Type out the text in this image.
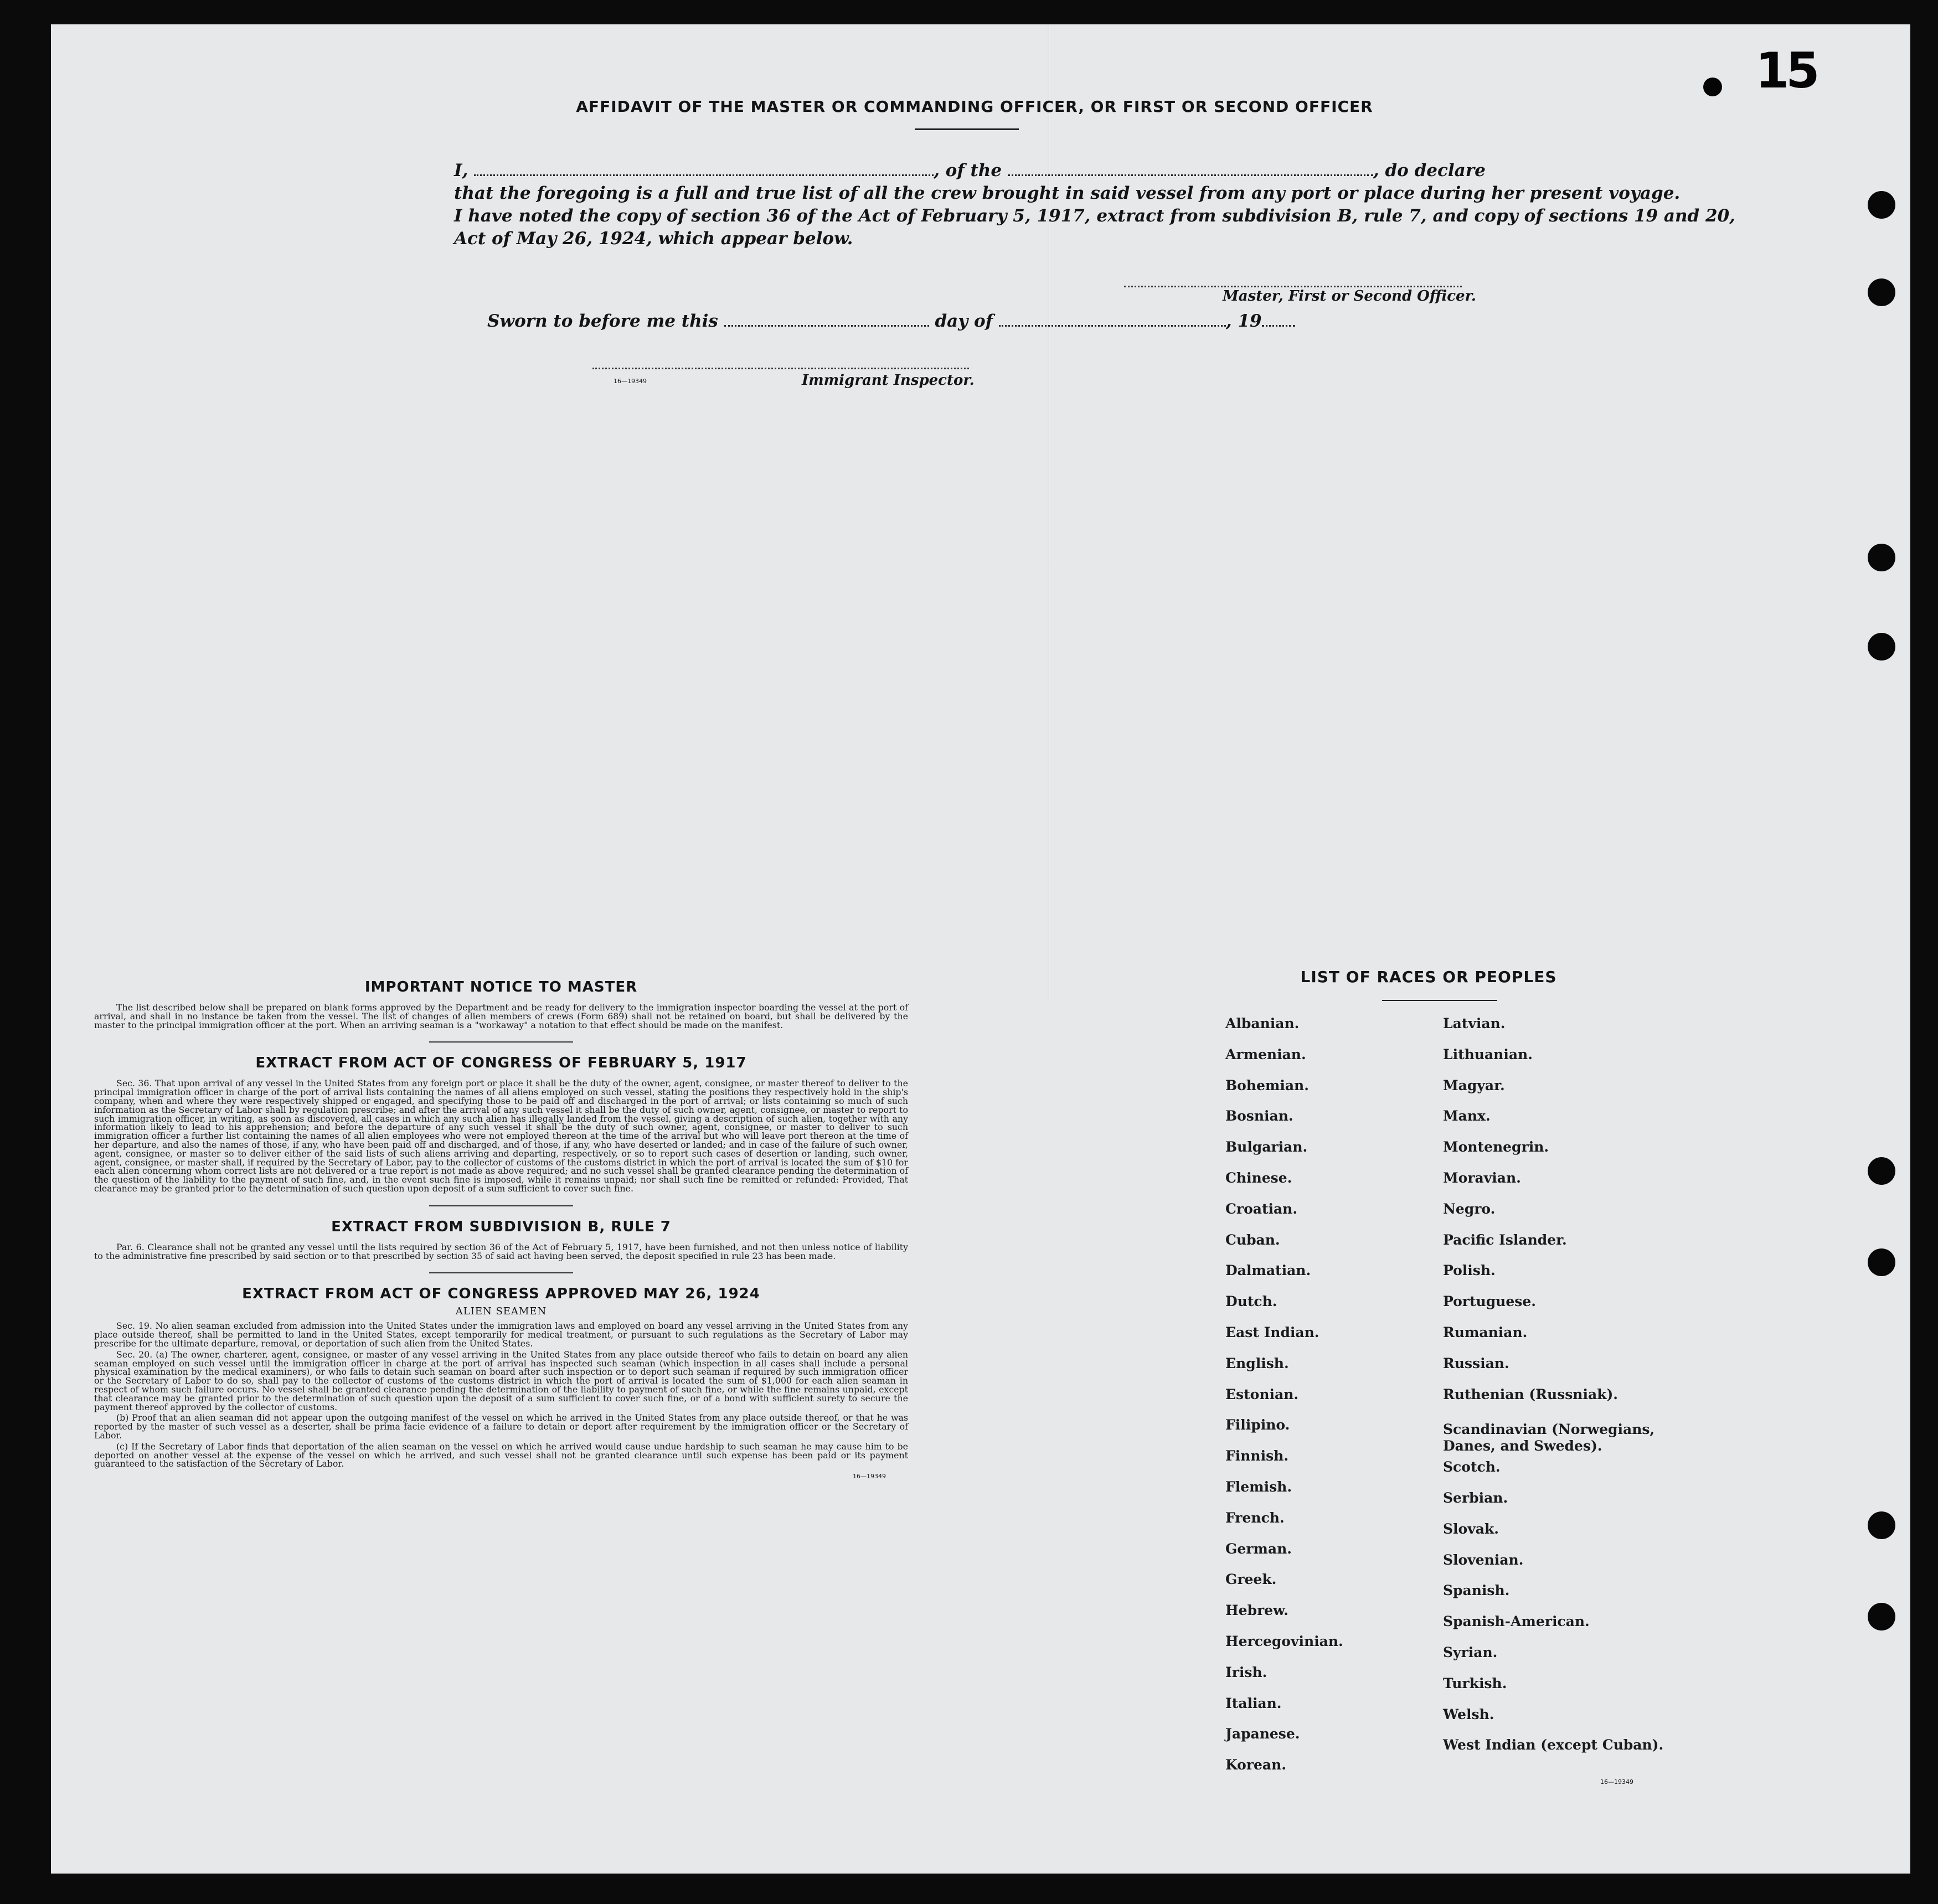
15
AFFIDAVIT OF THE MASTER OR COMMANDING OFFICER, OR FIRST OR SECOND OFFICER
I,	, of the	, do declare
that the foregoing is a full and true list of all the crew brought in said vessel from any port or place during her present voyage.
I have noted the copy of section 36 of the Act of February 5, 1917, extract from subdivision B, rule 7, and copy of sections 19 and 20,
Act of May 26, 1924, which appear below.
Master, First or Second Officer.
Sworn to before me this	day of	, 19
16—19349	Immigrant Inspector.
IMPORTANT NOTICE TO MASTER

The list described below shall be prepared on blank forms approved by the Department and be ready for delivery to the immigration inspector boarding the vessel at the port of arrival, and shall in no instance be taken from the vessel. The list of changes of alien members of crews (Form 689) shall not be retained on board, but shall be delivered by the master to the principal immigration officer at the port. When an arriving seaman is a "workaway" a notation to that effect should be made on the manifest.

EXTRACT FROM ACT OF CONGRESS OF FEBRUARY 5, 1917

Sec. 36. That upon arrival of any vessel in the United States from any foreign port or place it shall be the duty of the owner, agent, consignee, or master thereof to deliver to the principal immigration officer in charge of the port of arrival lists containing the names of all aliens employed on such vessel, stating the positions they respectively hold in the ship's company, when and where they were respectively shipped or engaged, and specifying those to be paid off and discharged in the port of arrival; or lists containing so much of such information as the Secretary of Labor shall by regulation prescribe; and after the arrival of any such vessel it shall be the duty of such owner, agent, consignee, or master to report to such immigration officer, in writing, as soon as discovered, all cases in which any such alien has illegally landed from the vessel, giving a description of such alien, together with any information likely to lead to his apprehension; and before the departure of any such vessel it shall be the duty of such owner, agent, consignee, or master to deliver to such immigration officer a further list containing the names of all alien employees who were not employed thereon at the time of the arrival but who will leave port thereon at the time of her departure, and also the names of those, if any, who have been paid off and discharged, and of those, if any, who have deserted or landed; and in case of the failure of such owner, agent, consignee, or master so to deliver either of the said lists of such aliens arriving and departing, respectively, or so to report such cases of desertion or landing, such owner, agent, consignee, or master shall, if required by the Secretary of Labor, pay to the collector of customs of the customs district in which the port of arrival is located the sum of $10 for each alien concerning whom correct lists are not delivered or a true report is not made as above required; and no such vessel shall be granted clearance pending the determination of the question of the liability to the payment of such fine, and, in the event such fine is imposed, while it remains unpaid; nor shall such fine be remitted or refunded: Provided, That clearance may be granted prior to the determination of such question upon deposit of a sum sufficient to cover such fine.

EXTRACT FROM SUBDIVISION B, RULE 7

Par. 6. Clearance shall not be granted any vessel until the lists required by section 36 of the Act of February 5, 1917, have been furnished, and not then unless notice of liability to the administrative fine prescribed by said section or to that prescribed by section 35 of said act having been served, the deposit specified in rule 23 has been made.

EXTRACT FROM ACT OF CONGRESS APPROVED MAY 26, 1924
ALIEN SEAMEN

Sec. 19. No alien seaman excluded from admission into the United States under the immigration laws and employed on board any vessel arriving in the United States from any place outside thereof, shall be permitted to land in the United States, except temporarily for medical treatment, or pursuant to such regulations as the Secretary of Labor may prescribe for the ultimate departure, removal, or deportation of such alien from the United States.

Sec. 20. (a) The owner, charterer, agent, consignee, or master of any vessel arriving in the United States from any place outside thereof who fails to detain on board any alien seaman employed on such vessel until the immigration officer in charge at the port of arrival has inspected such seaman (which inspection in all cases shall include a personal physical examination by the medical examiners), or who fails to detain such seaman on board after such inspection or to deport such seaman if required by such immigration officer or the Secretary of Labor to do so, shall pay to the collector of customs of the customs district in which the port of arrival is located the sum of $1,000 for each alien seaman in respect of whom such failure occurs. No vessel shall be granted clearance pending the determination of the liability to payment of such fine, or while the fine remains unpaid, except that clearance may be granted prior to the determination of such question upon the deposit of a sum sufficient to cover such fine, or of a bond with sufficient surety to secure the payment thereof approved by the collector of customs.

(b) Proof that an alien seaman did not appear upon the outgoing manifest of the vessel on which he arrived in the United States from any place outside thereof, or that he was reported by the master of such vessel as a deserter, shall be prima facie evidence of a failure to detain or deport after requirement by the immigration officer or the Secretary of Labor.

(c) If the Secretary of Labor finds that deportation of the alien seaman on the vessel on which he arrived would cause undue hardship to such seaman he may cause him to be deported on another vessel at the expense of the vessel on which he arrived, and such vessel shall not be granted clearance until such expense has been paid or its payment guaranteed to the satisfaction of the Secretary of Labor.

16—19349
LIST OF RACES OR PEOPLES
Albanian.
Armenian.
Bohemian.
Bosnian.
Bulgarian.
Chinese.
Croatian.
Cuban.
Dalmatian.
Dutch.
East Indian.
English.
Estonian.
Filipino.
Finnish.
Flemish.
French.
German.
Greek.
Hebrew.
Hercegovinian.
Irish.
Italian.
Japanese.
Korean.
Latvian.
Lithuanian.
Magyar.
Manx.
Montenegrin.
Moravian.
Negro.
Pacific Islander.
Polish.
Portuguese.
Rumanian.
Russian.
Ruthenian (Russniak).
Scandinavian (Norwegians,
Danes, and Swedes).
Scotch.
Serbian.
Slovak.
Slovenian.
Spanish.
Spanish-American.
Syrian.
Turkish.
Welsh.
West Indian (except Cuban).
16—19349
